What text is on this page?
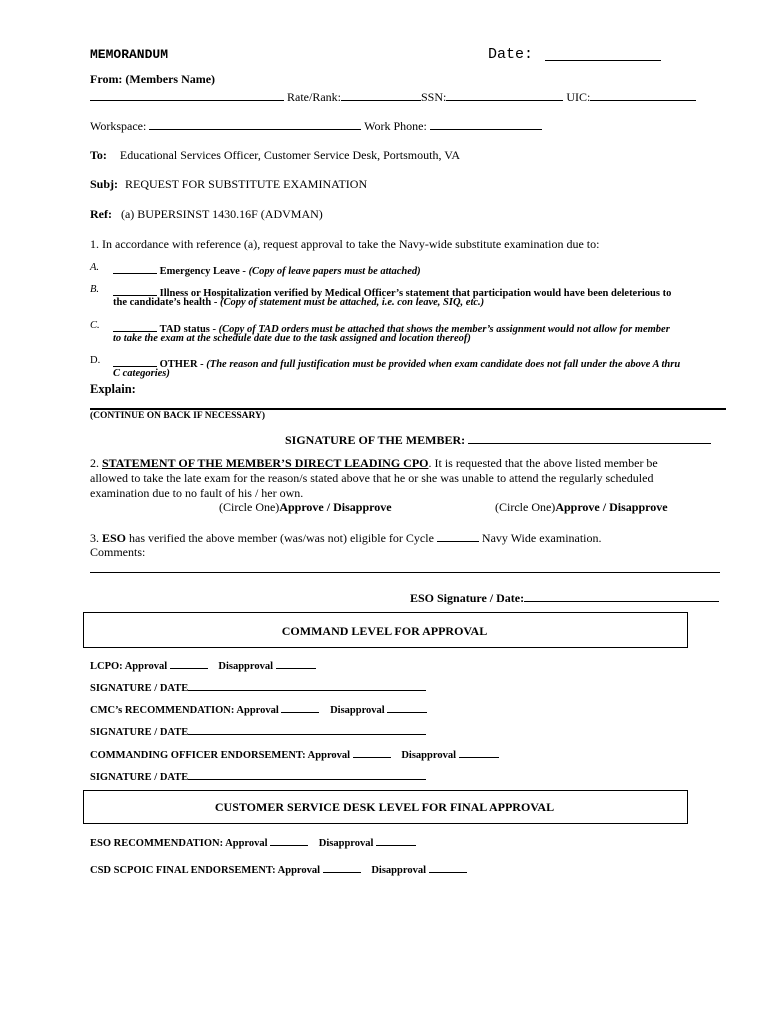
MEMORANDUM	Date:
From: (Members Name)
Rate/Rank:	SSN:	UIC:
Workspace:	Work Phone:
To: Educational Services Officer, Customer Service Desk, Portsmouth, VA
Subj: REQUEST FOR SUBSTITUTE EXAMINATION
Ref: (a) BUPERSINST 1430.16F (ADVMAN)
1. In accordance with reference (a), request approval to take the Navy-wide substitute examination due to:
A.	Emergency Leave - (Copy of leave papers must be attached)
B.	Illness or Hospitalization verified by Medical Officer’s statement that participation would have been deleterious to
the candidate’s health - (Copy of statement must be attached, i.e. con leave, SIQ, etc.)
C.	TAD status - (Copy of TAD orders must be attached that shows the member’s assignment would not allow for member
to take the exam at the schedule date due to the task assigned and location thereof)
D.	OTHER - (The reason and full justification must be provided when exam candidate does not fall under the above A thru
C categories)
Explain:
(CONTINUE ON BACK IF NECESSARY)
SIGNATURE OF THE MEMBER:
2. STATEMENT OF THE MEMBER’S DIRECT LEADING CPO. It is requested that the above listed member be
allowed to take the late exam for the reason/s stated above that he or she was unable to attend the regularly scheduled
examination due to no fault of his / her own.
(Circle One)Approve / Disapprove	(Circle One)Approve / Disapprove
3. ESO has verified the above member (was/was not) eligible for Cycle	Navy Wide examination.
Comments:
ESO Signature / Date:
COMMAND LEVEL FOR APPROVAL
LCPO: Approval	Disapproval
SIGNATURE / DATE
CMC’s RECOMMENDATION: Approval	Disapproval
SIGNATURE / DATE
COMMANDING OFFICER ENDORSEMENT: Approval	Disapproval
SIGNATURE / DATE
CUSTOMER SERVICE DESK LEVEL FOR FINAL APPROVAL
ESO RECOMMENDATION: Approval	Disapproval
CSD SCPOIC FINAL ENDORSEMENT: Approval	Disapproval
